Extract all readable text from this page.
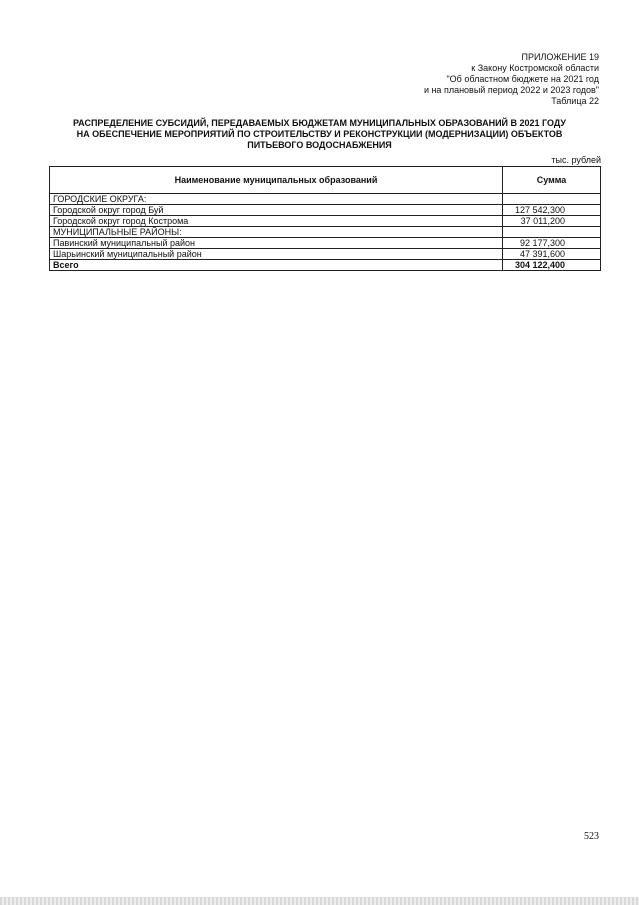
ПРИЛОЖЕНИЕ 19
к Закону Костромской области
"Об областном бюджете на 2021 год
и на плановый период 2022 и 2023 годов"
Таблица 22
РАСПРЕДЕЛЕНИЕ СУБСИДИЙ, ПЕРЕДАВАЕМЫХ БЮДЖЕТАМ МУНИЦИПАЛЬНЫХ ОБРАЗОВАНИЙ В 2021 ГОДУ
НА ОБЕСПЕЧЕНИЕ МЕРОПРИЯТИЙ ПО СТРОИТЕЛЬСТВУ И РЕКОНСТРУКЦИИ (МОДЕРНИЗАЦИИ) ОБЪЕКТОВ
ПИТЬЕВОГО ВОДОСНАБЖЕНИЯ
тыс. рублей
Наименование муниципальных образований	Сумма
ГОРОДСКИЕ ОКРУГА:	
Городской округ город Буй	127 542,300
Городской округ город Кострома	37 011,200
МУНИЦИПАЛЬНЫЕ РАЙОНЫ:	
Павинский муниципальный район	92 177,300
Шарьинский муниципальный район	47 391,600
Всего	304 122,400
523
